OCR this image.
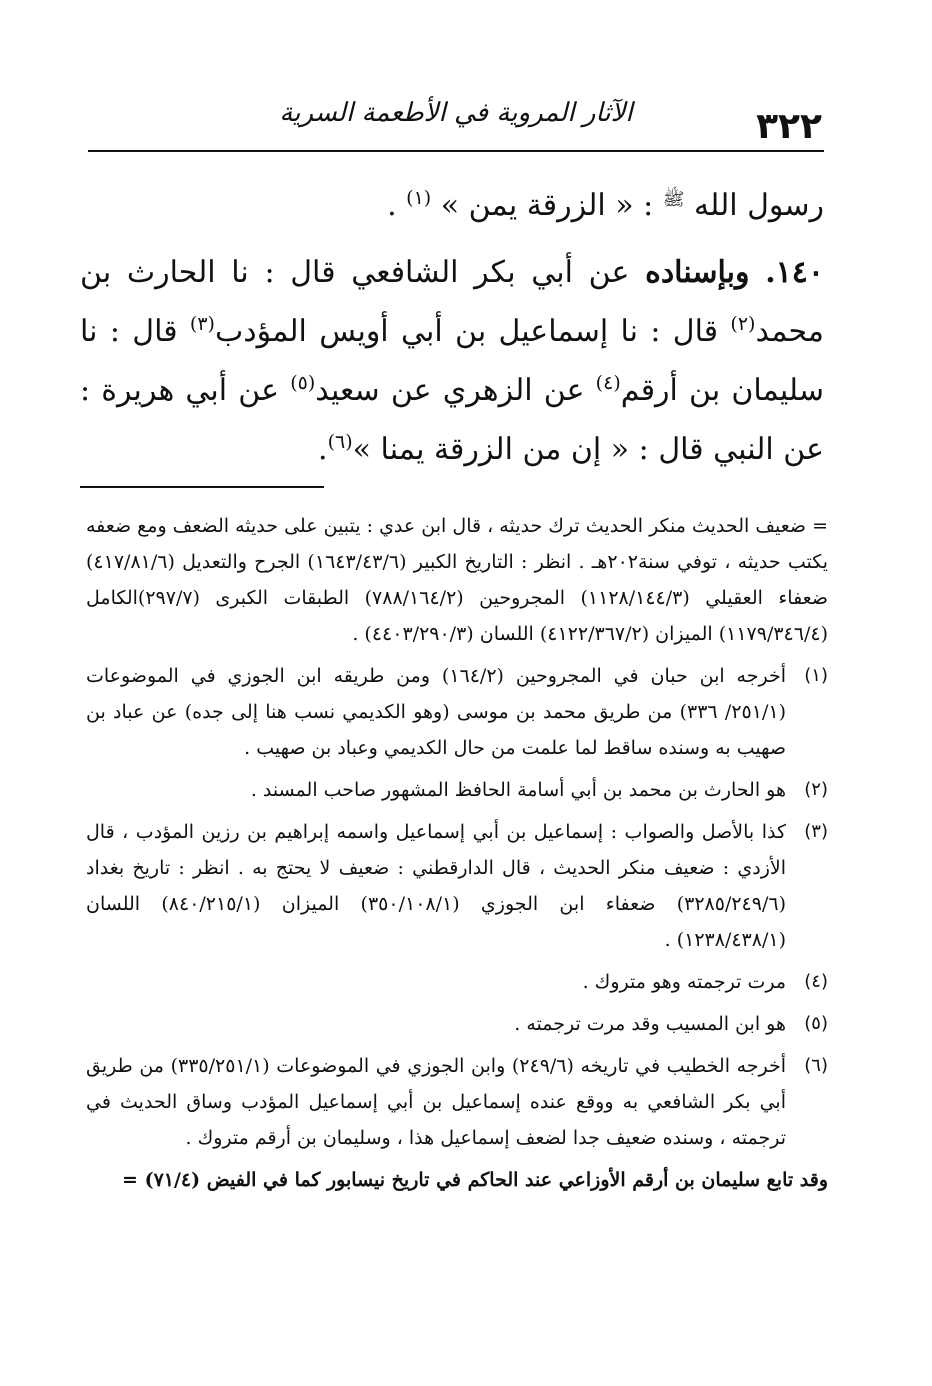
٣٢٢
الآثار المروية في الأطعمة السرية

رسول الله $^ﷺ$ : « الزرقة يمن » $^{(١)}$ .

١٤٠. وبإسناده عن أبي بكر الشافعي قال : نا الحارث بن محمد$^{(٢)}$ قال : نا إسماعيل بن أبي أويس المؤدب$^{(٣)}$ قال : نا سليمان بن أرقم$^{(٤)}$ عن الزهري عن سعيد$^{(٥)}$ عن أبي هريرة : عن النبي قال : « إن من الزرقة يمنا »$^{(٦)}$.

= ضعيف الحديث منكر الحديث ترك حديثه ، قال ابن عدي : يتبين على حديثه الضعف ومع ضعفه يكتب حديثه ، توفي سنة٢٠٢هـ . انظر : التاريخ الكبير (١٦٤٣/٤٣/٦) الجرح والتعديل (٤١٧/٨١/٦) ضعفاء العقيلي (١١٢٨/١٤٤/٣) المجروحين (٧٨٨/١٦٤/٢) الطبقات الكبرى (٢٩٧/٧)الكامل (١١٧٩/٣٤٦/٤) الميزان (٤١٢٢/٣٦٧/٢) اللسان (٤٤٠٣/٢٩٠/٣) .

(١)
أخرجه ابن حبان في المجروحين (١٦٤/٢) ومن طريقه ابن الجوزي في الموضوعات (٢٥١/١/ ٣٣٦) من طريق محمد بن موسى (وهو الكديمي نسب هنا إلى جده) عن عباد بن صهيب به وسنده ساقط لما علمت من حال الكديمي وعباد بن صهيب .
(٢)
هو الحارث بن محمد بن أبي أسامة الحافظ المشهور صاحب المسند .
(٣)
كذا بالأصل والصواب : إسماعيل بن أبي إسماعيل واسمه إبراهيم بن رزين المؤدب ، قال الأزدي : ضعيف منكر الحديث ، قال الدارقطني : ضعيف لا يحتج به . انظر : تاريخ بغداد (٣٢٨٥/٢٤٩/٦) ضعفاء ابن الجوزي (٣٥٠/١٠٨/١) الميزان (٨٤٠/٢١٥/١) اللسان (١٢٣٨/٤٣٨/١) .
(٤)
مرت ترجمته وهو متروك .
(٥)
هو ابن المسيب وقد مرت ترجمته .
(٦)
أخرجه الخطيب في تاريخه (٢٤٩/٦) وابن الجوزي في الموضوعات (٣٣٥/٢٥١/١) من طريق أبي بكر الشافعي به ووقع عنده إسماعيل بن أبي إسماعيل المؤدب وساق الحديث في ترجمته ، وسنده ضعيف جدا لضعف إسماعيل هذا ، وسليمان بن أرقم متروك .

وقد تابع سليمان بن أرقم الأوزاعي عند الحاكم في تاريخ نيسابور كما في الفيض (٧١/٤) =
